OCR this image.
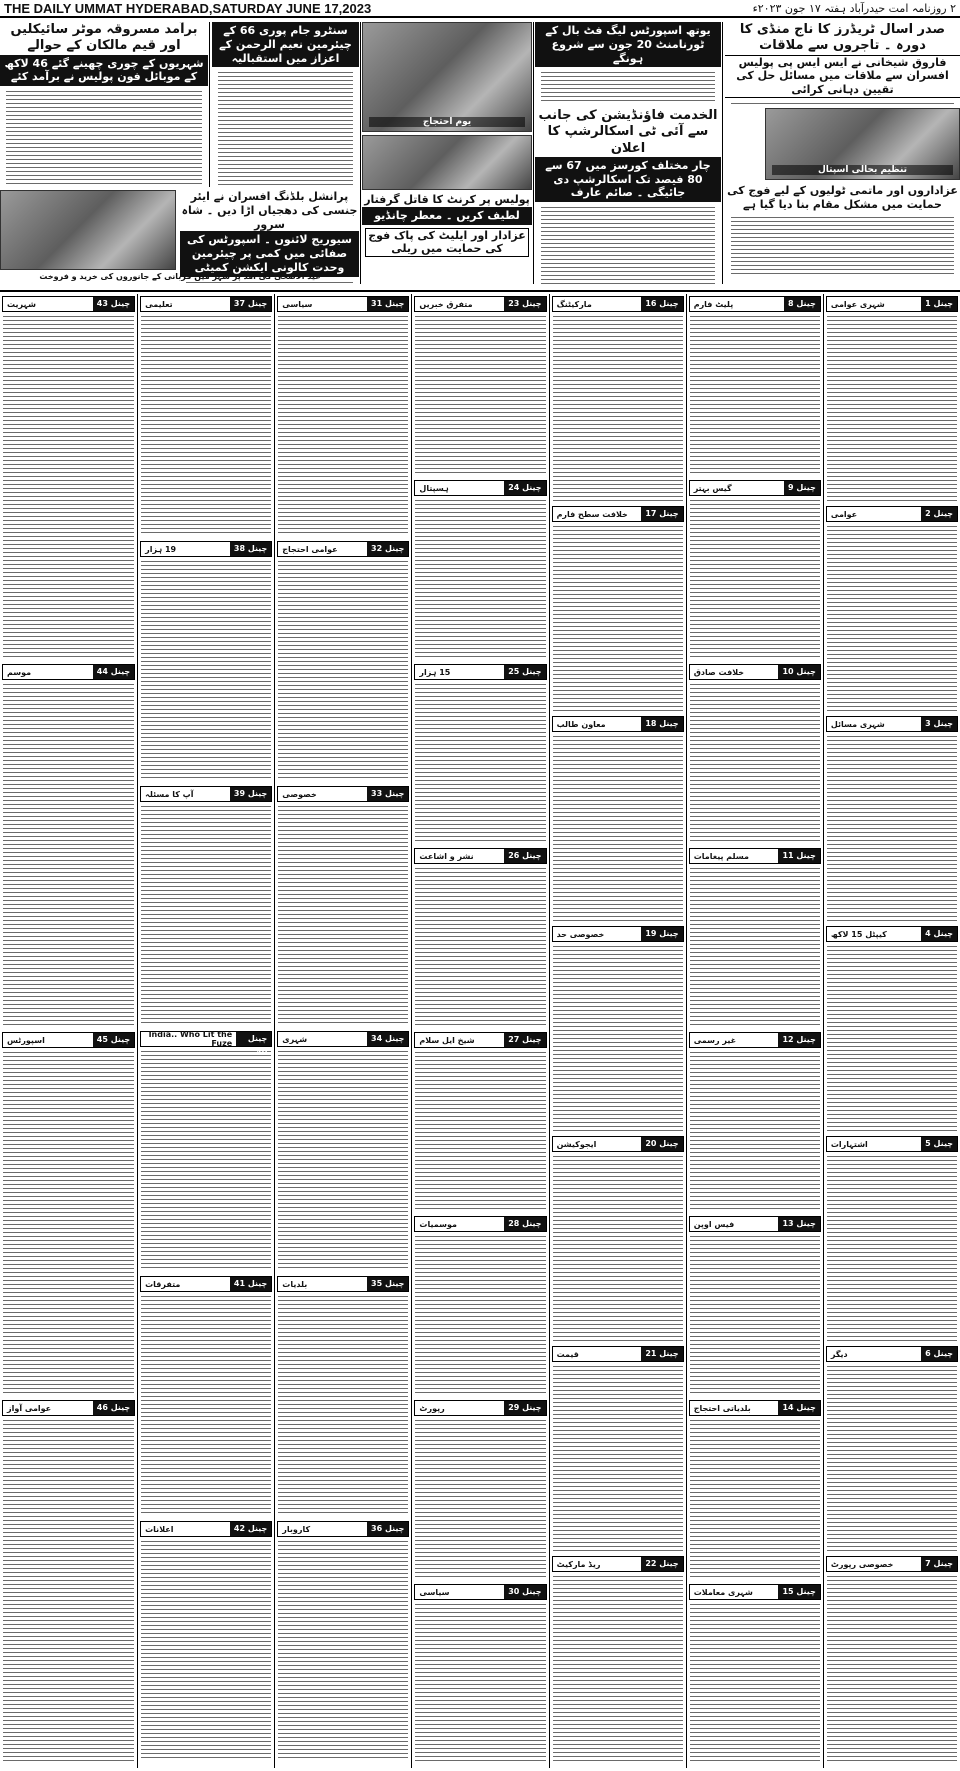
THE DAILY UMMAT HYDERABAD,SATURDAY JUNE 17,2023	۲ روزنامہ امت حیدرآباد ہفتہ ۱۷ جون ۲۰۲۳ء
صدر اسال ٹریڈرز کا ناج منڈی کا دورہ ۔ تاجروں سے ملاقات
فاروق شیخانی نے ایس ایس پی پولیس افسران سے ملاقات میں مسائل حل کی تقیین دہانی کرائی
یوتھ اسپورٹس لیگ فٹ بال کے ٹورنامنٹ 20 جون سے شروع ہونگے
یوم احتجاج
سنٹرو جام پوری 66 کے چیئرمین نعیم الرحمن کے اعزاز میں استقبالیہ
برآمد مسروقہ موٹر سائیکلیں اور قیم مالکان کے حوالے
شہریوں کے چوری چھینے گئے 46 لاکھ کے موبائل فون پولیس نے برآمد کئے
تنظیم بحالی اسپتال
عزاداروں اور ماتمی ٹولیوں کے لیے فوج کی حمایت میں مشکل مقام بنا دیا گیا ہے
الخدمت فاؤنڈیشن کی جانب سے آئی ٹی اسکالرشپ کا اعلان
چار مختلف کورسز میں 67 سے 80 فیصد تک اسکالرشپ دی جائیگی ۔ صائم عارف
پولیس پر کرنٹ کا قاتل گرفتار
لطیف کریں ۔ معطر چانڈیو
عزادار اور ایلیٹ کی پاک فوج کی حمایت میں ریلی
پرانشل بلڈنگ افسران نے ایئر جنسی کی دھجیاں اڑا دیں ۔ شاہ سرور
سیوریج لائنوں ۔ اسپورٹس کی صفائی میں کمی پر چیئرمین وحدت کالونی ایکشن کمیٹی
عید الاضحیٰ کی آمد پر شہر میں قربانی کے جانوروں کی خرید و فروخت
چینل 1
شہری عوامی
چینل 2
عوامی
چینل 3
شہری مسائل
چینل 4
کیپٹل 15 لاکھ
چینل 5
اشتہارات
چینل 6
دیگر
چینل 7
خصوصی رپورٹ
چینل 8
پلیٹ فارم
چینل 9
گیس بہتر
چینل 10
خلافت صادق
چینل 11
مسلم پیغامات
چینل 12
غیر رسمی
چینل 13
فیس اوپن
چینل 14
بلدیاتی احتجاج
چینل 15
شہری معاملات
چینل 16
مارکیٹنگ
چینل 17
خلافت سطح فارم
چینل 18
معاون طالب
چینل 19
خصوصی حد
چینل 20
ایجوکیشن
چینل 21
قیمت
چینل 22
ریڈ مارکیٹ
چینل 23
متفرق خبریں
چینل 24
ہسپتال
چینل 25
15 ہزار
چینل 26
نشر و اشاعت
چینل 27
شیخ ایل سلام
چینل 28
موسمیات
چینل 29
رپورٹ
چینل 30
سیاسی
چینل 31
سیاسی
چینل 32
عوامی احتجاج
چینل 33
خصوصی
چینل 34
شہری
چینل 35
بلدیات
چینل 36
کاروبار
چینل 37
تعلیمی
چینل 38
19 ہزار
چینل 39
آپ کا مسئلہ
چینل 40
India.. Who Lit the Fuze
چینل 41
متفرقات
چینل 42
اعلانات
چینل 43
شہریت
چینل 44
موسم
چینل 45
اسپورٹس
چینل 46
عوامی آواز
